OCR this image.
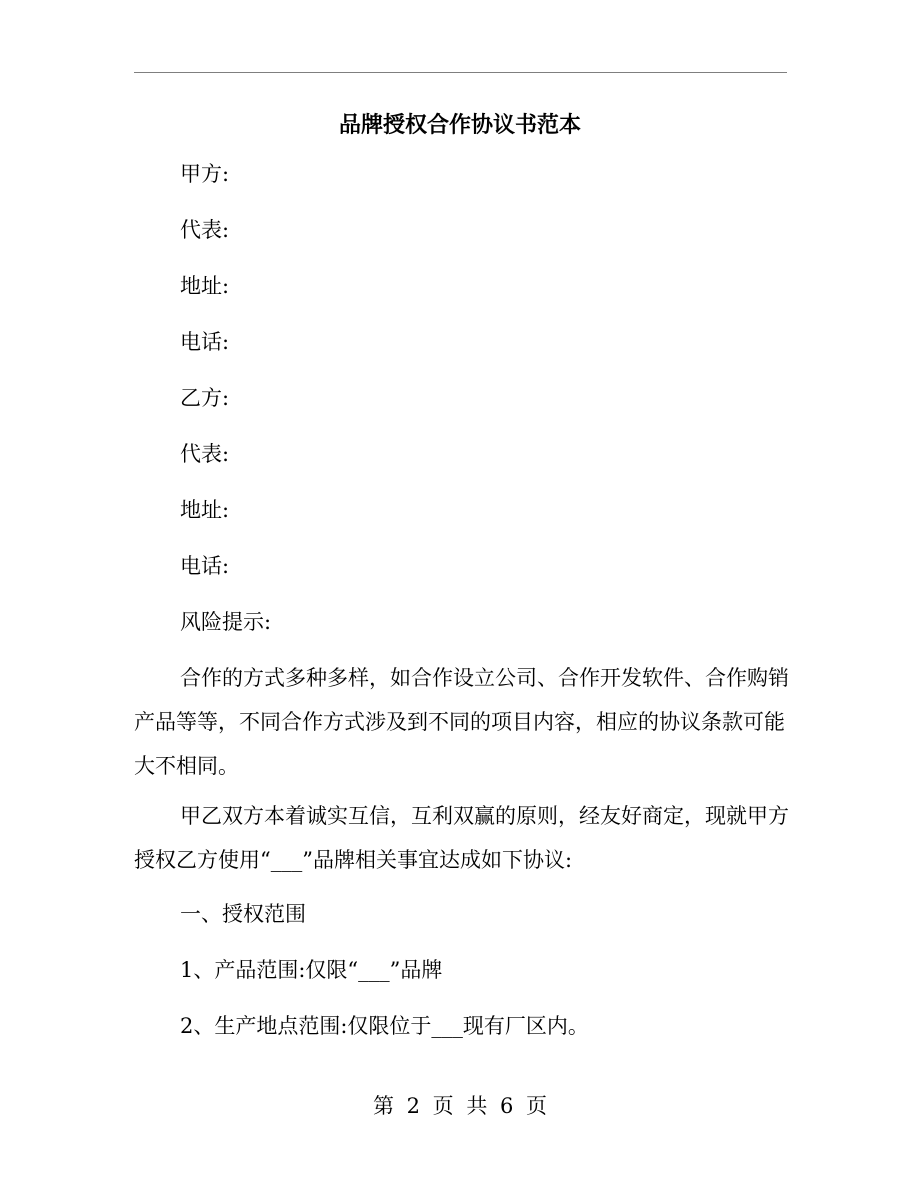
品牌授权合作协议书范本
甲方:
代表:
地址:
电话:
乙方:
代表:
地址:
电话:
风险提示:
合作的方式多种多样，如合作设立公司、合作开发软件、合作购销产品等等，不同合作方式涉及到不同的项目内容，相应的协议条款可能大不相同。
甲乙双方本着诚实互信，互利双赢的原则，经友好商定，现就甲方授权乙方使用“___”品牌相关事宜达成如下协议:
一、授权范围
1、产品范围:仅限“___”品牌
2、生产地点范围:仅限位于___现有厂区内。
第 2 页 共 6 页
